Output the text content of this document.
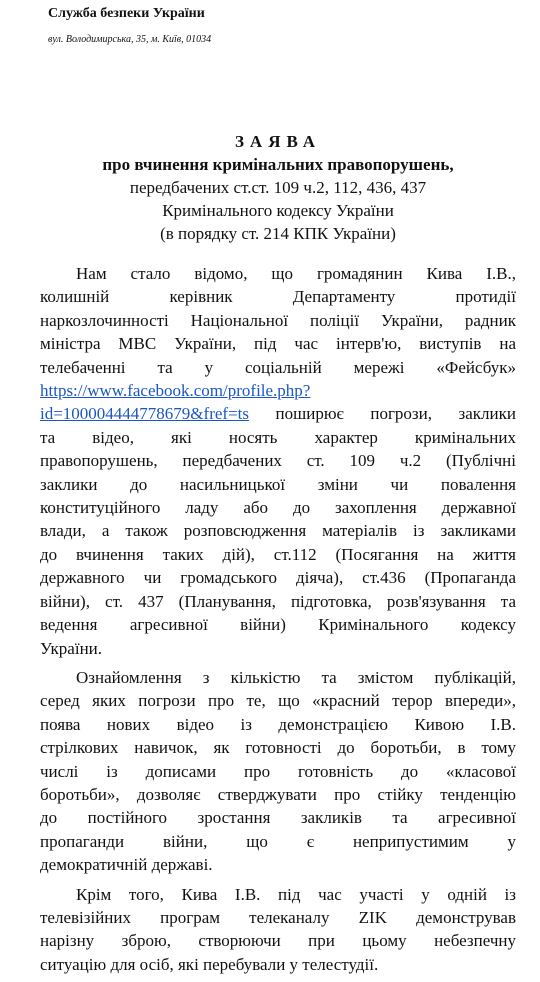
Служба безпеки України
вул. Володимирська, 35, м. Київ, 01034
ЗАЯВА
про вчинення кримінальних правопорушень,
передбачених ст.ст. 109 ч.2, 112, 436, 437
Кримінального кодексу України
(в порядку ст. 214 КПК України)

Нам стало відомо, що громадянин Кива І.В.,
колишній керівник Департаменту протидії
наркозлочинності Національної поліції України, радник
міністра МВС України, під час інтерв'ю, виступів на
телебаченні та у соціальній мережі «Фейсбук»
https://www.facebook.com/profile.php?
id=100004444778679&fref=ts поширює погрози, заклики
та відео, які носять характер кримінальних
правопорушень, передбачених ст. 109 ч.2 (Публічні
заклики до насильницької зміни чи повалення
конституційного ладу або до захоплення державної
влади, а також розповсюдження матеріалів із закликами
до вчинення таких дій), ст.112 (Посягання на життя
державного чи громадського діяча), ст.436 (Пропаганда
війни), ст. 437 (Планування, підготовка, розв'язування та
ведення агресивної війни) Кримінального кодексу
України.

Ознайомлення з кількістю та змістом публікацій,
серед яких погрози про те, що «красний терор впереди»,
поява нових відео із демонстрацією Кивою І.В.
стрілкових навичок, як готовності до боротьби, в тому
числі із дописами про готовність до «класової
боротьби», дозволяє стверджувати про стійку тенденцію
до постійного зростання закликів та агресивної
пропаганди війни, що є неприпустимим у
демократичній державі.

Крім того, Кива І.В. під час участі у одній із
телевізійних програм телеканалу ZIK демонстрував
нарізну зброю, створюючи при цьому небезпечну
ситуацію для осіб, які перебували у телестудії.
